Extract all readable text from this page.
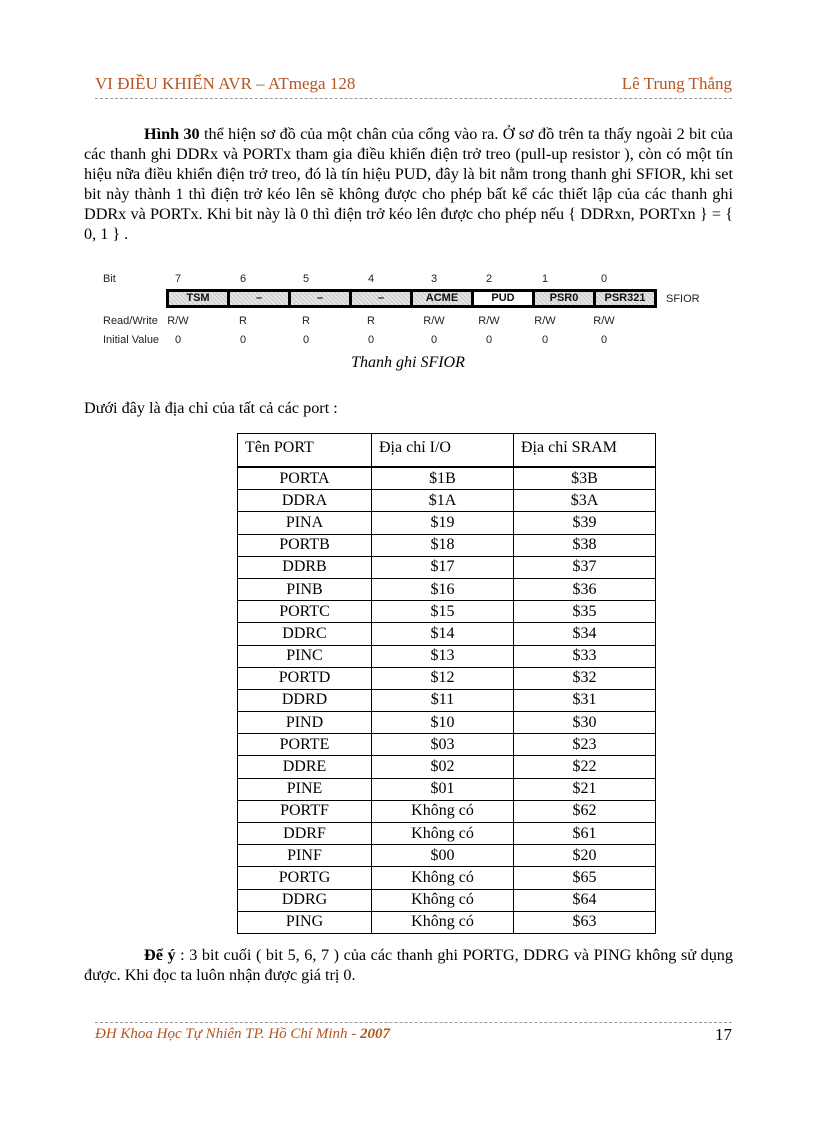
VI ĐIỀU KHIỂN AVR – ATmega 128	Lê Trung Thắng

Hình 30 thể hiện sơ đồ của một chân của cổng vào ra. Ở sơ đồ trên ta thấy ngoài 2 bit của các thanh ghi DDRx và PORTx tham gia điều khiển điện trở treo (pull-up resistor ), còn có một tín hiệu nữa điều khiển điện trở treo, đó là tín hiệu PUD, đây là bit nằm trong thanh ghi SFIOR, khi set bit này thành 1 thì điện trở kéo lên sẽ không được cho phép bất kể các thiết lập của các thanh ghi DDRx và PORTx. Khi bit này là 0 thì điện trở kéo lên được cho phép nếu { DDRxn, PORTxn } = { 0, 1 } .

Bit	7	6	5	4	3	2	1	0
TSM	–	–	–	ACME	PUD	PSR0	PSR321	SFIOR
Read/Write R/W	R	R	R	R/W	R/W	R/W	R/W
Initial Value	0	0	0	0	0	0	0	0
Thanh ghi SFIOR

Dưới đây là địa chỉ của tất cả các port :

Tên PORT	Địa chỉ I/O	Địa chỉ SRAM
PORTA	$1B	$3B
DDRA	$1A	$3A
PINA	$19	$39
PORTB	$18	$38
DDRB	$17	$37
PINB	$16	$36
PORTC	$15	$35
DDRC	$14	$34
PINC	$13	$33
PORTD	$12	$32
DDRD	$11	$31
PIND	$10	$30
PORTE	$03	$23
DDRE	$02	$22
PINE	$01	$21
PORTF	Không có	$62
DDRF	Không có	$61
PINF	$00	$20
PORTG	Không có	$65
DDRG	Không có	$64
PING	Không có	$63

Để ý : 3 bit cuối ( bit 5, 6, 7 ) của các thanh ghi PORTG, DDRG và PING không sử dụng được. Khi đọc ta luôn nhận được giá trị 0.

ĐH Khoa Học Tự Nhiên TP. Hồ Chí Minh - 2007	17
